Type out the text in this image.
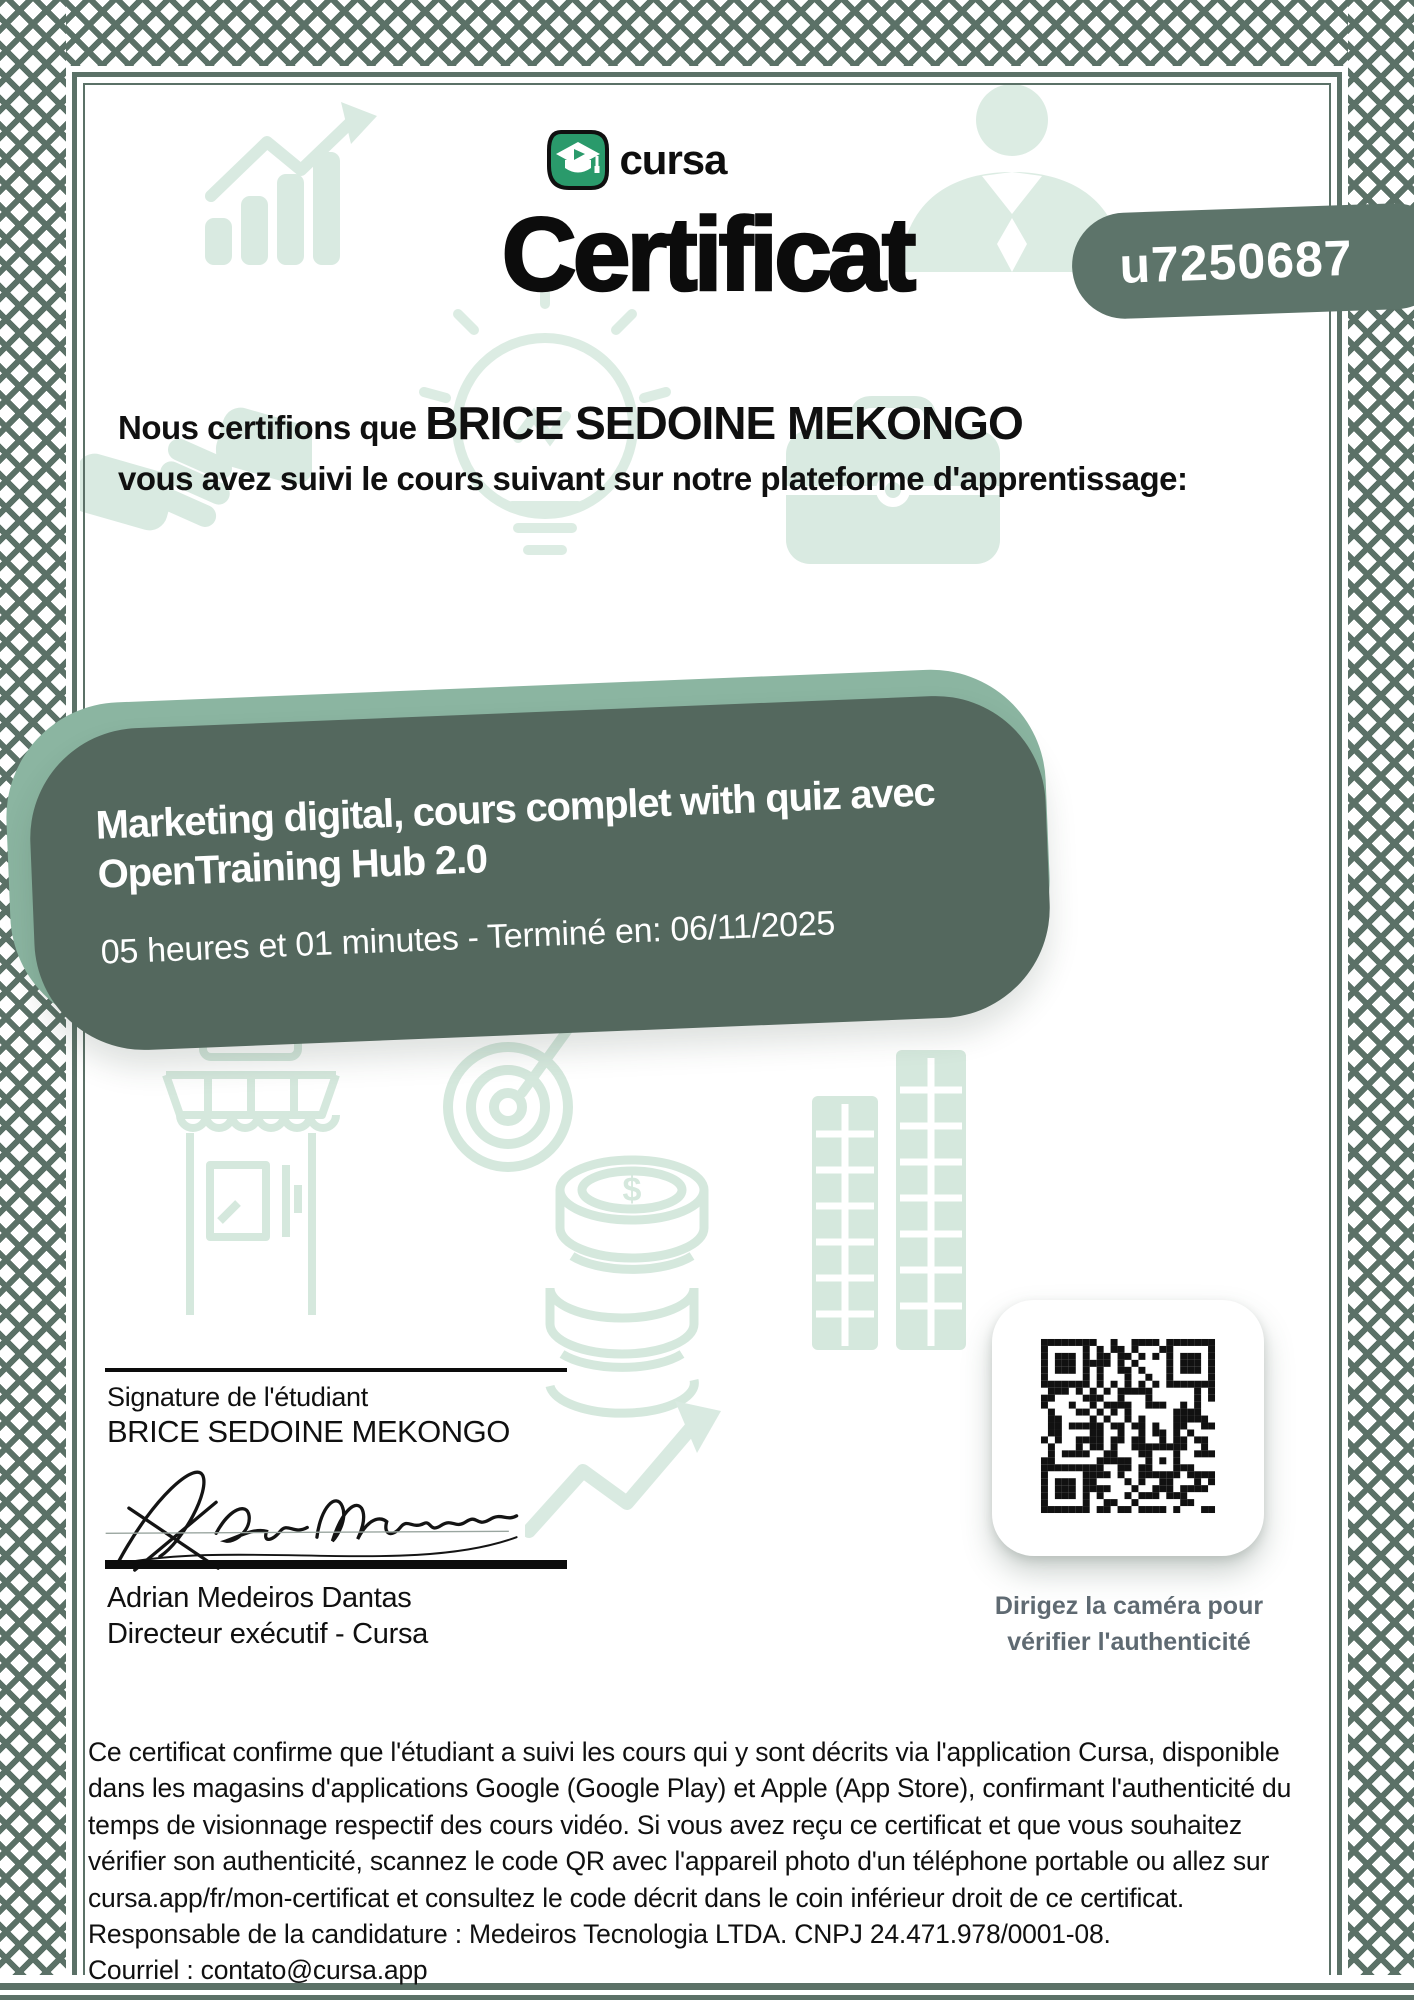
$
cursa
Certificat	u7250687
Nous certifions que BRICE SEDOINE MEKONGO
vous avez suivi le cours suivant sur notre plateforme d'apprentissage:
Marketing digital, cours complet with quiz avec
OpenTraining Hub 2.0
05 heures et 01 minutes - Terminé en: 06/11/2025
Signature de l'étudiant
BRICE SEDOINE MEKONGO
Adrian Medeiros Dantas
Directeur exécutif - Cursa
Dirigez la caméra pour
vérifier l'authenticité
Ce certificat confirme que l'étudiant a suivi les cours qui y sont décrits via l'application Cursa, disponible
dans les magasins d'applications Google (Google Play) et Apple (App Store), confirmant l'authenticité du
temps de visionnage respectif des cours vidéo. Si vous avez reçu ce certificat et que vous souhaitez
vérifier son authenticité, scannez le code QR avec l'appareil photo d'un téléphone portable ou allez sur
cursa.app/fr/mon-certificat et consultez le code décrit dans le coin inférieur droit de ce certificat.
Responsable de la candidature : Medeiros Tecnologia LTDA. CNPJ 24.471.978/0001-08.
Courriel : contato@cursa.app
